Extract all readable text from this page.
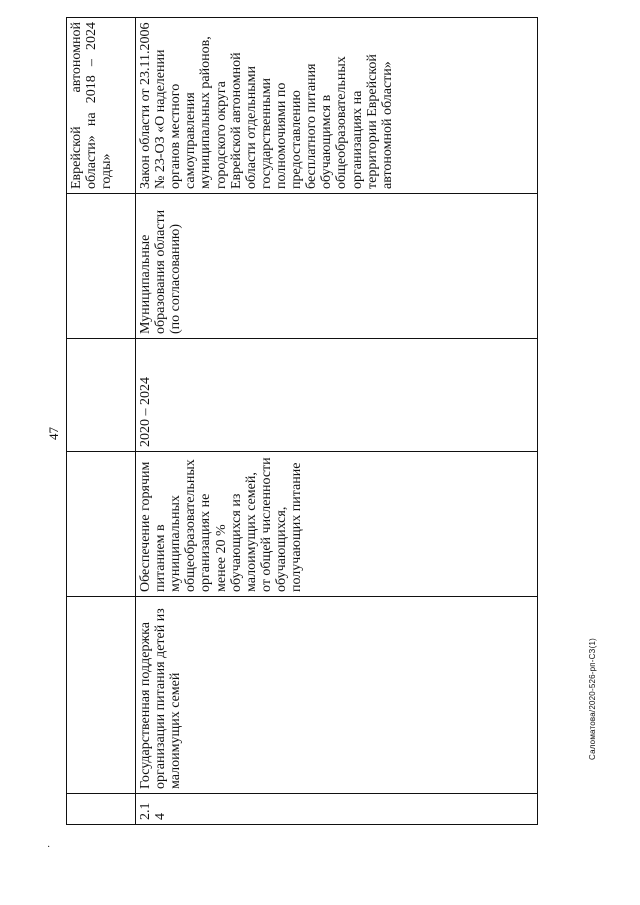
47
Саломатова/2020-526-рп-СЗ(1)
·
					Еврейской автономной области» на 2018 – 2024 годы»
2.14	Государственная поддержка организации питания детей из малоимущих семей	Обеспечение горячим питанием в муниципальных общеобразовательных организациях не менее 20 % обучающихся из малоимущих семей, от общей численности обучающихся, получающих питание	2020 – 2024	Муниципальные образования области (по согласованию)	Закон области от 23.11.2006 № 23-ОЗ «О наделении органов местного самоуправления муниципальных районов, городского округа Еврейской автономной области отдельными государственными полномочиями по предоставлению бесплатного питания обучающимся в общеобразовательных организациях на территории Еврейской автономной области»
